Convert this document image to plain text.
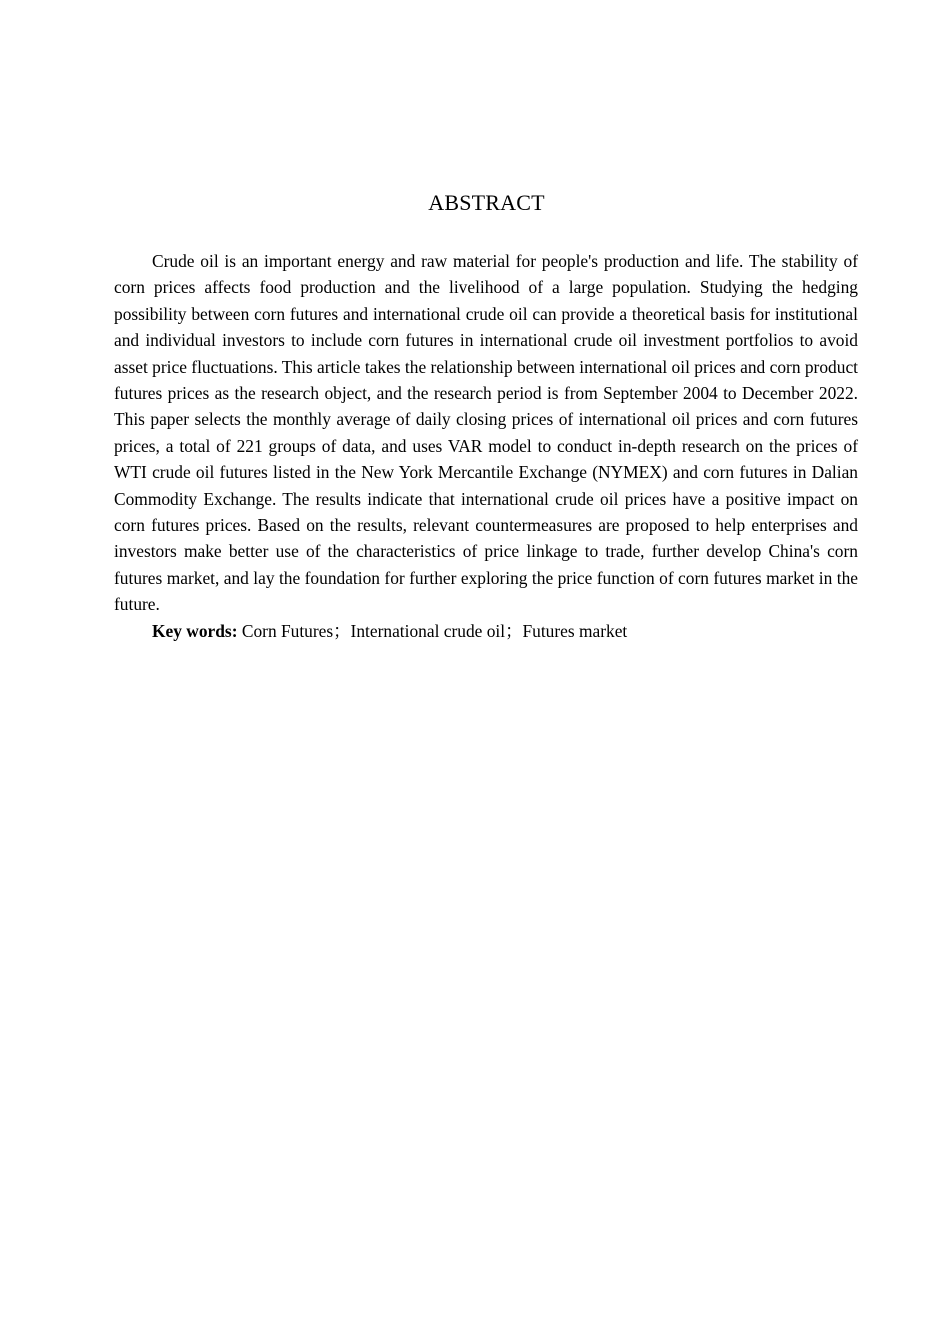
ABSTRACT

Crude oil is an important energy and raw material for people's production and life. The stability of corn prices affects food production and the livelihood of a large population. Studying the hedging possibility between corn futures and international crude oil can provide a theoretical basis for institutional and individual investors to include corn futures in international crude oil investment portfolios to avoid asset price fluctuations. This article takes the relationship between international oil prices and corn product futures prices as the research object, and the research period is from September 2004 to December 2022. This paper selects the monthly average of daily closing prices of international oil prices and corn futures prices, a total of 221 groups of data, and uses VAR model to conduct in-depth research on the prices of WTI crude oil futures listed in the New York Mercantile Exchange (NYMEX) and corn futures in Dalian Commodity Exchange. The results indicate that international crude oil prices have a positive impact on corn futures prices. Based on the results, relevant countermeasures are proposed to help enterprises and investors make better use of the characteristics of price linkage to trade, further develop China's corn futures market, and lay the foundation for further exploring the price function of corn futures market in the future.

Key words: Corn Futures；International crude oil；Futures market
